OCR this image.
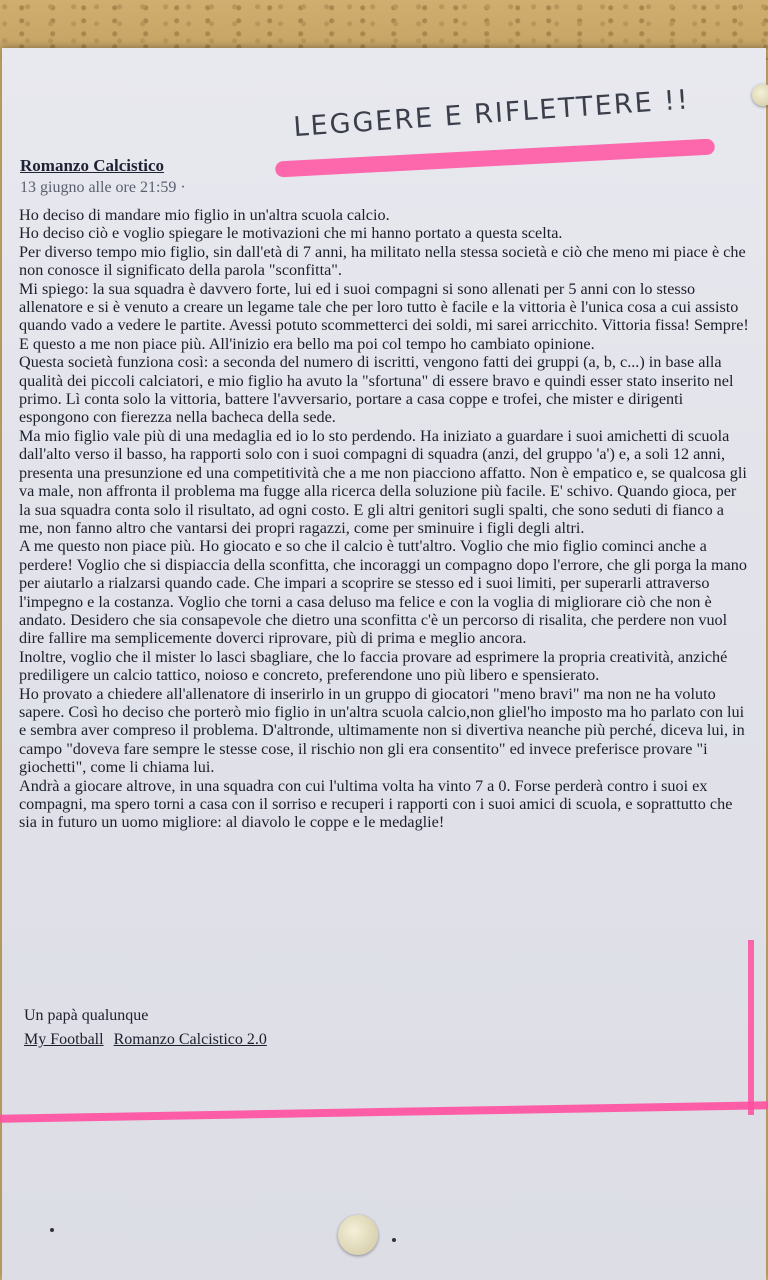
LEGGERE E RIFLETTERE !!
Romanzo Calcistico
13 giugno alle ore 21:59 ·

Ho deciso di mandare mio figlio in un'altra scuola calcio.

Ho deciso ciò e voglio spiegare le motivazioni che mi hanno portato a questa scelta.

Per diverso tempo mio figlio, sin dall'età di 7 anni, ha militato nella stessa società e ciò che meno mi piace è che non conosce il significato della parola "sconfitta".

Mi spiego: la sua squadra è davvero forte, lui ed i suoi compagni si sono allenati per 5 anni con lo stesso allenatore e si è venuto a creare un legame tale che per loro tutto è facile e la vittoria è l'unica cosa a cui assisto quando vado a vedere le partite. Avessi potuto scommetterci dei soldi, mi sarei arricchito. Vittoria fissa! Sempre!

E questo a me non piace più. All'inizio era bello ma poi col tempo ho cambiato opinione.

Questa società funziona così: a seconda del numero di iscritti, vengono fatti dei gruppi (a, b, c...) in base alla qualità dei piccoli calciatori, e mio figlio ha avuto la "sfortuna" di essere bravo e quindi esser stato inserito nel primo. Lì conta solo la vittoria, battere l'avversario, portare a casa coppe e trofei, che mister e dirigenti espongono con fierezza nella bacheca della sede.

Ma mio figlio vale più di una medaglia ed io lo sto perdendo. Ha iniziato a guardare i suoi amichetti di scuola dall'alto verso il basso, ha rapporti solo con i suoi compagni di squadra (anzi, del gruppo 'a') e, a soli 12 anni, presenta una presunzione ed una competitività che a me non piacciono affatto. Non è empatico e, se qualcosa gli va male, non affronta il problema ma fugge alla ricerca della soluzione più facile. E' schivo. Quando gioca, per la sua squadra conta solo il risultato, ad ogni costo. E gli altri genitori sugli spalti, che sono seduti di fianco a me, non fanno altro che vantarsi dei propri ragazzi, come per sminuire i figli degli altri.

A me questo non piace più. Ho giocato e so che il calcio è tutt'altro. Voglio che mio figlio cominci anche a perdere! Voglio che si dispiaccia della sconfitta, che incoraggi un compagno dopo l'errore, che gli porga la mano per aiutarlo a rialzarsi quando cade. Che impari a scoprire se stesso ed i suoi limiti, per superarli attraverso l'impegno e la costanza. Voglio che torni a casa deluso ma felice e con la voglia di migliorare ciò che non è andato. Desidero che sia consapevole che dietro una sconfitta c'è un percorso di risalita, che perdere non vuol dire fallire ma semplicemente doverci riprovare, più di prima e meglio ancora.

Inoltre, voglio che il mister lo lasci sbagliare, che lo faccia provare ad esprimere la propria creatività, anziché prediligere un calcio tattico, noioso e concreto, preferendone uno più libero e spensierato.

Ho provato a chiedere all'allenatore di inserirlo in un gruppo di giocatori "meno bravi" ma non ne ha voluto sapere. Così ho deciso che porterò mio figlio in un'altra scuola calcio,non gliel'ho imposto ma ho parlato con lui e sembra aver compreso il problema. D'altronde, ultimamente non si divertiva neanche più perché, diceva lui, in campo "doveva fare sempre le stesse cose, il rischio non gli era consentito" ed invece preferisce provare "i giochetti", come li chiama lui.

Andrà a giocare altrove, in una squadra con cui l'ultima volta ha vinto 7 a 0. Forse perderà contro i suoi ex compagni, ma spero torni a casa con il sorriso e recuperi i rapporti con i suoi amici di scuola, e soprattutto che sia in futuro un uomo migliore: al diavolo le coppe e le medaglie!

Un papà qualunque
My Football Romanzo Calcistico 2.0
